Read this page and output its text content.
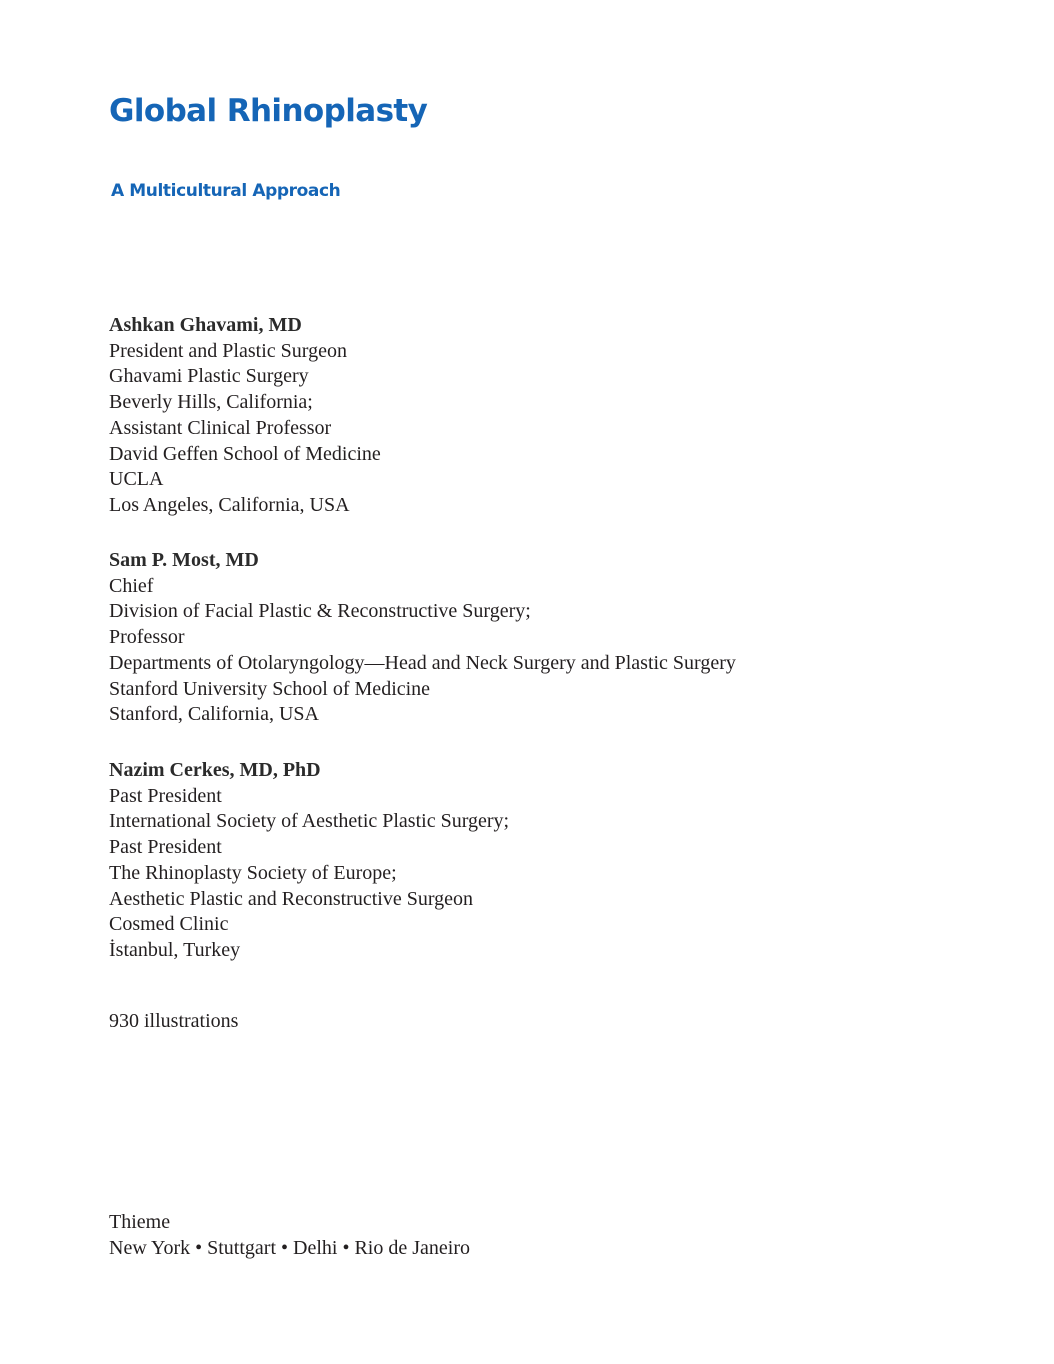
Global Rhinoplasty
A Multicultural Approach
Ashkan Ghavami, MD
President and Plastic Surgeon
Ghavami Plastic Surgery
Beverly Hills, California;
Assistant Clinical Professor
David Geffen School of Medicine
UCLA
Los Angeles, California, USA
Sam P. Most, MD
Chief
Division of Facial Plastic & Reconstructive Surgery;
Professor
Departments of Otolaryngology—Head and Neck Surgery and Plastic Surgery
Stanford University School of Medicine
Stanford, California, USA
Nazim Cerkes, MD, PhD
Past President
International Society of Aesthetic Plastic Surgery;
Past President
The Rhinoplasty Society of Europe;
Aesthetic Plastic and Reconstructive Surgeon
Cosmed Clinic
İstanbul, Turkey

930 illustrations

Thieme
New York • Stuttgart • Delhi • Rio de Janeiro
